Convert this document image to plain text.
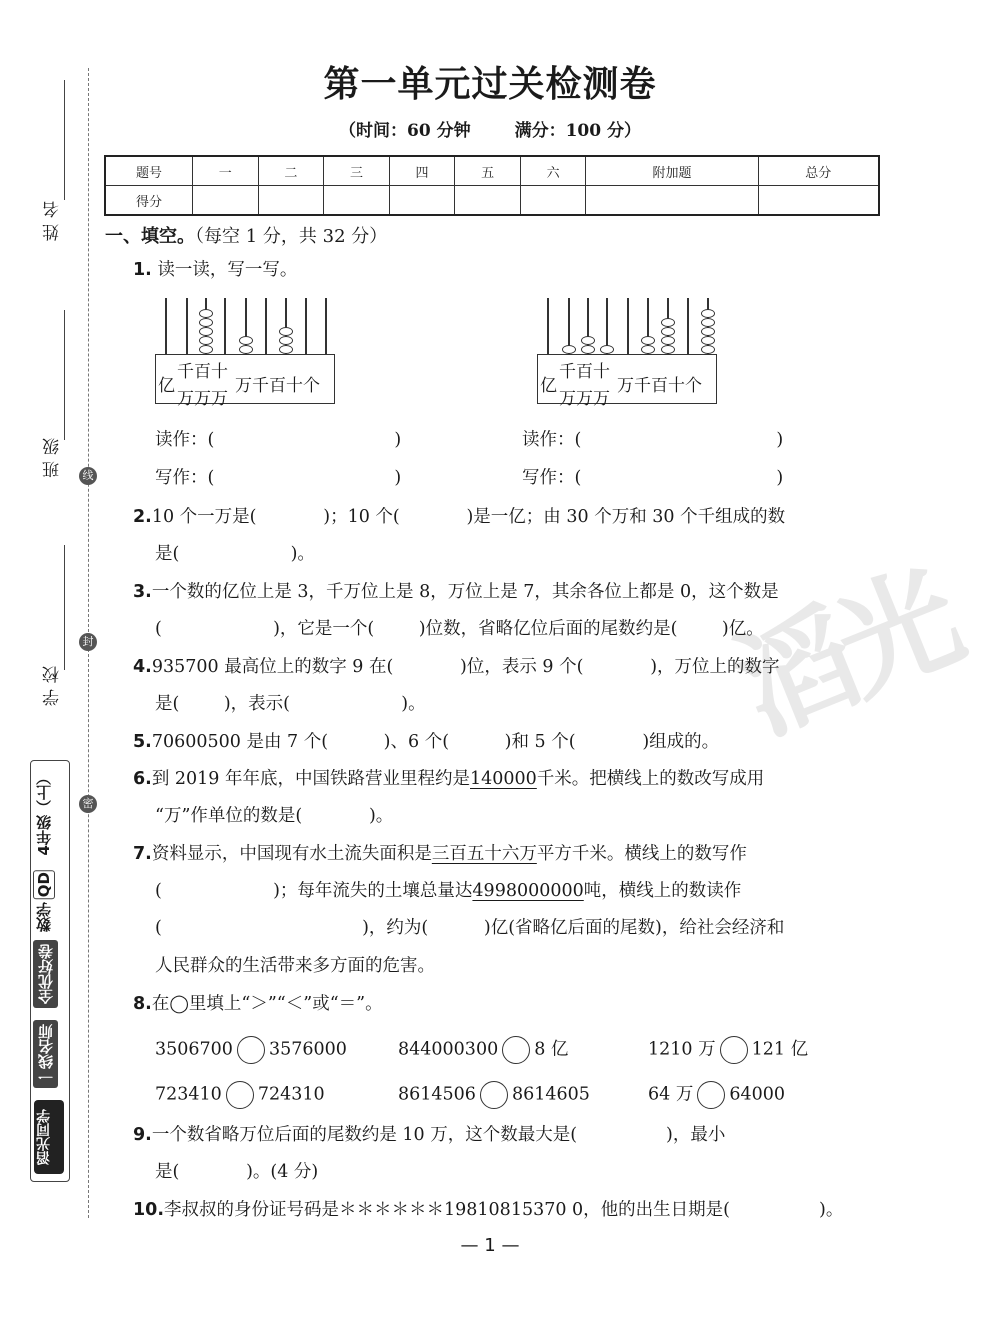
姓名
班级
学校
线
封
密
4年级（上）
QD
数学
全优好卷
一线名师
滔光同学
滔光
第一单元过关检测卷
（时间：60 分钟	满分：100 分）
题号	一	二	三	四	五	六	附加题	总分
得分								
一、填空。（每空 1 分，共 32 分）
1. 读一读，写一写。
亿
千百十
万万万
万千百十个	亿
千百十
万万万
万千百十个
读作：(	)
写作：(	)
读作：(	)
写作：(	)
2.10 个一万是(            )；10 个(            )是一亿；由 30 个万和 30 个千组成的数
是(                    )。
3.一个数的亿位上是 3，千万位上是 8，万位上是 7，其余各位上都是 0，这个数是
(                    )，它是一个(        )位数，省略亿位后面的尾数约是(        )亿。
4.935700 最高位上的数字 9 在(            )位，表示 9 个(            )，万位上的数字
是(        )，表示(                    )。
5.70600500 是由 7 个(          )、6 个(          )和 5 个(            )组成的。
6.到 2019 年年底，中国铁路营业里程约是140000千米。把横线上的数改写成用
“万”作单位的数是(            )。
7.资料显示，中国现有水土流失面积是三百五十六万平方千米。横线上的数写作
(                    )；每年流失的土壤总量达4998000000吨，横线上的数读作
(                                    )，约为(          )亿(省略亿后面的尾数)，给社会经济和
人民群众的生活带来多方面的危害。
8.在◯里填上“＞”“＜”或“＝”。
3506700 3576000	844000300 8 亿	1210 万 121 亿
723410 724310	8614506 8614605	64 万 64000
9.一个数省略万位后面的尾数约是 10 万，这个数最大是(                )，最小
是(            )。(4 分)
10.李叔叔的身份证号码是＊＊＊＊＊＊19810815370 0，他的出生日期是(                )。
— 1 —
